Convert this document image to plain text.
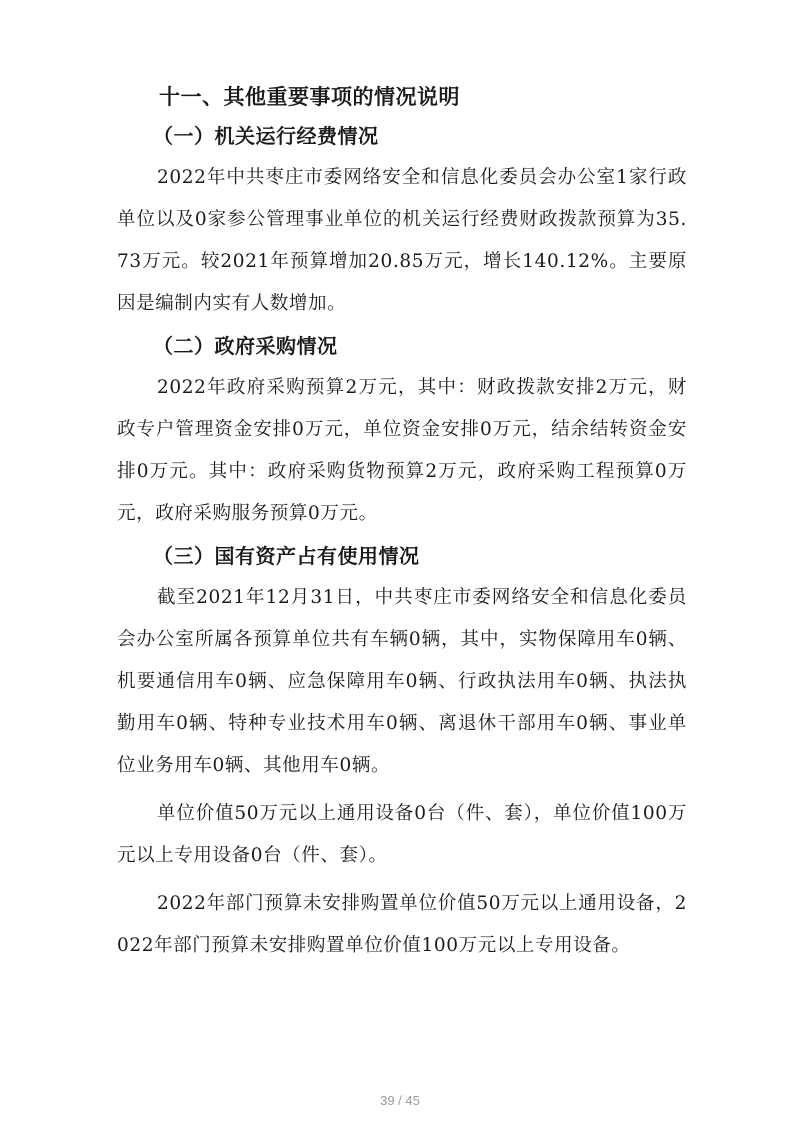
十一、其他重要事项的情况说明
（一）机关运行经费情况

2022年中共枣庄市委网络安全和信息化委员会办公室1家行政单位以及0家参公管理事业单位的机关运行经费财政拨款预算为35.73万元。较2021年预算增加20.85万元，增长140.12%。主要原因是编制内实有人数增加。

（二）政府采购情况

2022年政府采购预算2万元，其中：财政拨款安排2万元，财政专户管理资金安排0万元，单位资金安排0万元，结余结转资金安排0万元。其中：政府采购货物预算2万元，政府采购工程预算0万元，政府采购服务预算0万元。

（三）国有资产占有使用情况

截至2021年12月31日，中共枣庄市委网络安全和信息化委员会办公室所属各预算单位共有车辆0辆，其中，实物保障用车0辆、机要通信用车0辆、应急保障用车0辆、行政执法用车0辆、执法执勤用车0辆、特种专业技术用车0辆、离退休干部用车0辆、事业单位业务用车0辆、其他用车0辆。

单位价值50万元以上通用设备0台（件、套），单位价值100万元以上专用设备0台（件、套）。

2022年部门预算未安排购置单位价值50万元以上通用设备，2022年部门预算未安排购置单位价值100万元以上专用设备。

39 / 45
